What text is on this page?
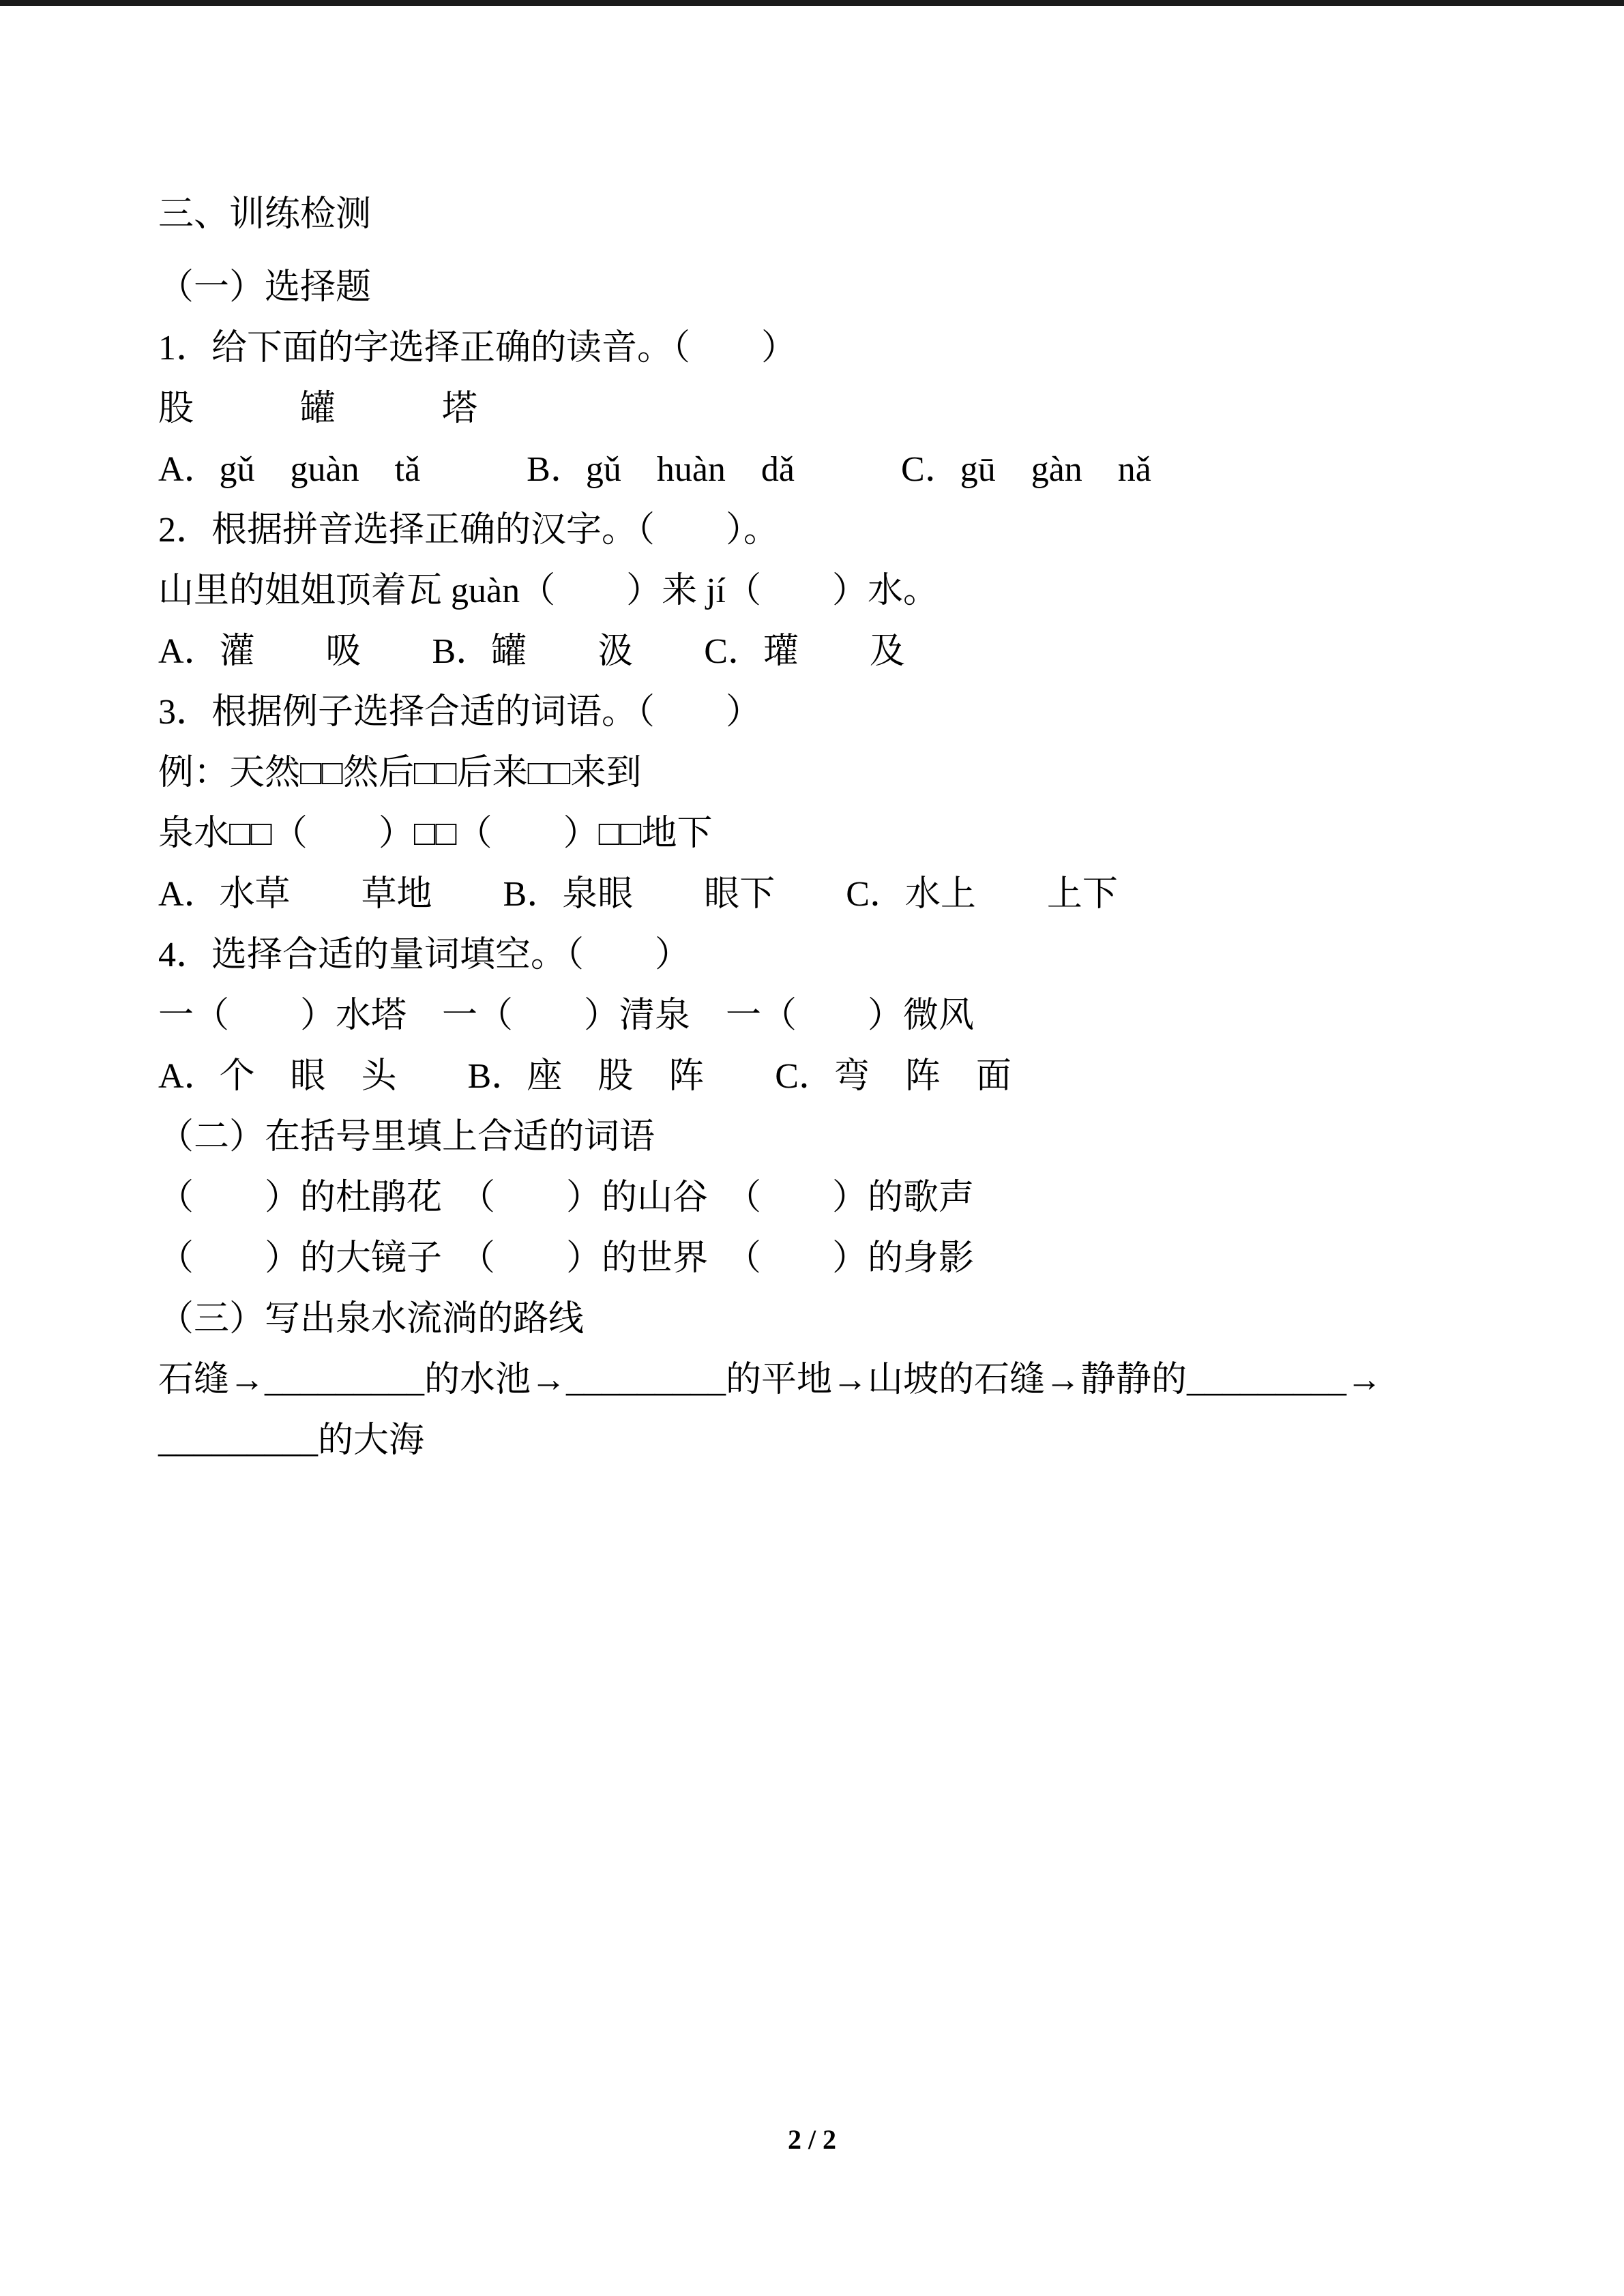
三、训练检测

（一）选择题

1．给下面的字选择正确的读音。（　　）

股　　　罐　　　塔

A．gǔ　guàn　tǎ　　　B．gǔ　huàn　dǎ　　　C．gū　gàn　nǎ

2．根据拼音选择正确的汉字。（　　）。

山里的姐姐顶着瓦 guàn（　　）来 jí（　　）水。

A．灌　　吸　　B．罐　　汲　　C．瓘　　及

3．根据例子选择合适的词语。（　　）

例：天然□□然后□□后来□□来到

泉水□□（　　）□□（　　）□□地下

A．水草　　草地　　B．泉眼　　眼下　　C．水上　　上下

4．选择合适的量词填空。（　　）

一（　　）水塔　一（　　）清泉　一（　　）微风

A．个　眼　头　　B．座　股　阵　　C．弯　阵　面

（二）在括号里填上合适的词语

（　　）的杜鹃花　（　　）的山谷　（　　）的歌声

（　　）的大镜子　（　　）的世界　（　　）的身影

（三）写出泉水流淌的路线

石缝→_________的水池→_________的平地→山坡的石缝→静静的_________→

_________的大海

2 / 2
